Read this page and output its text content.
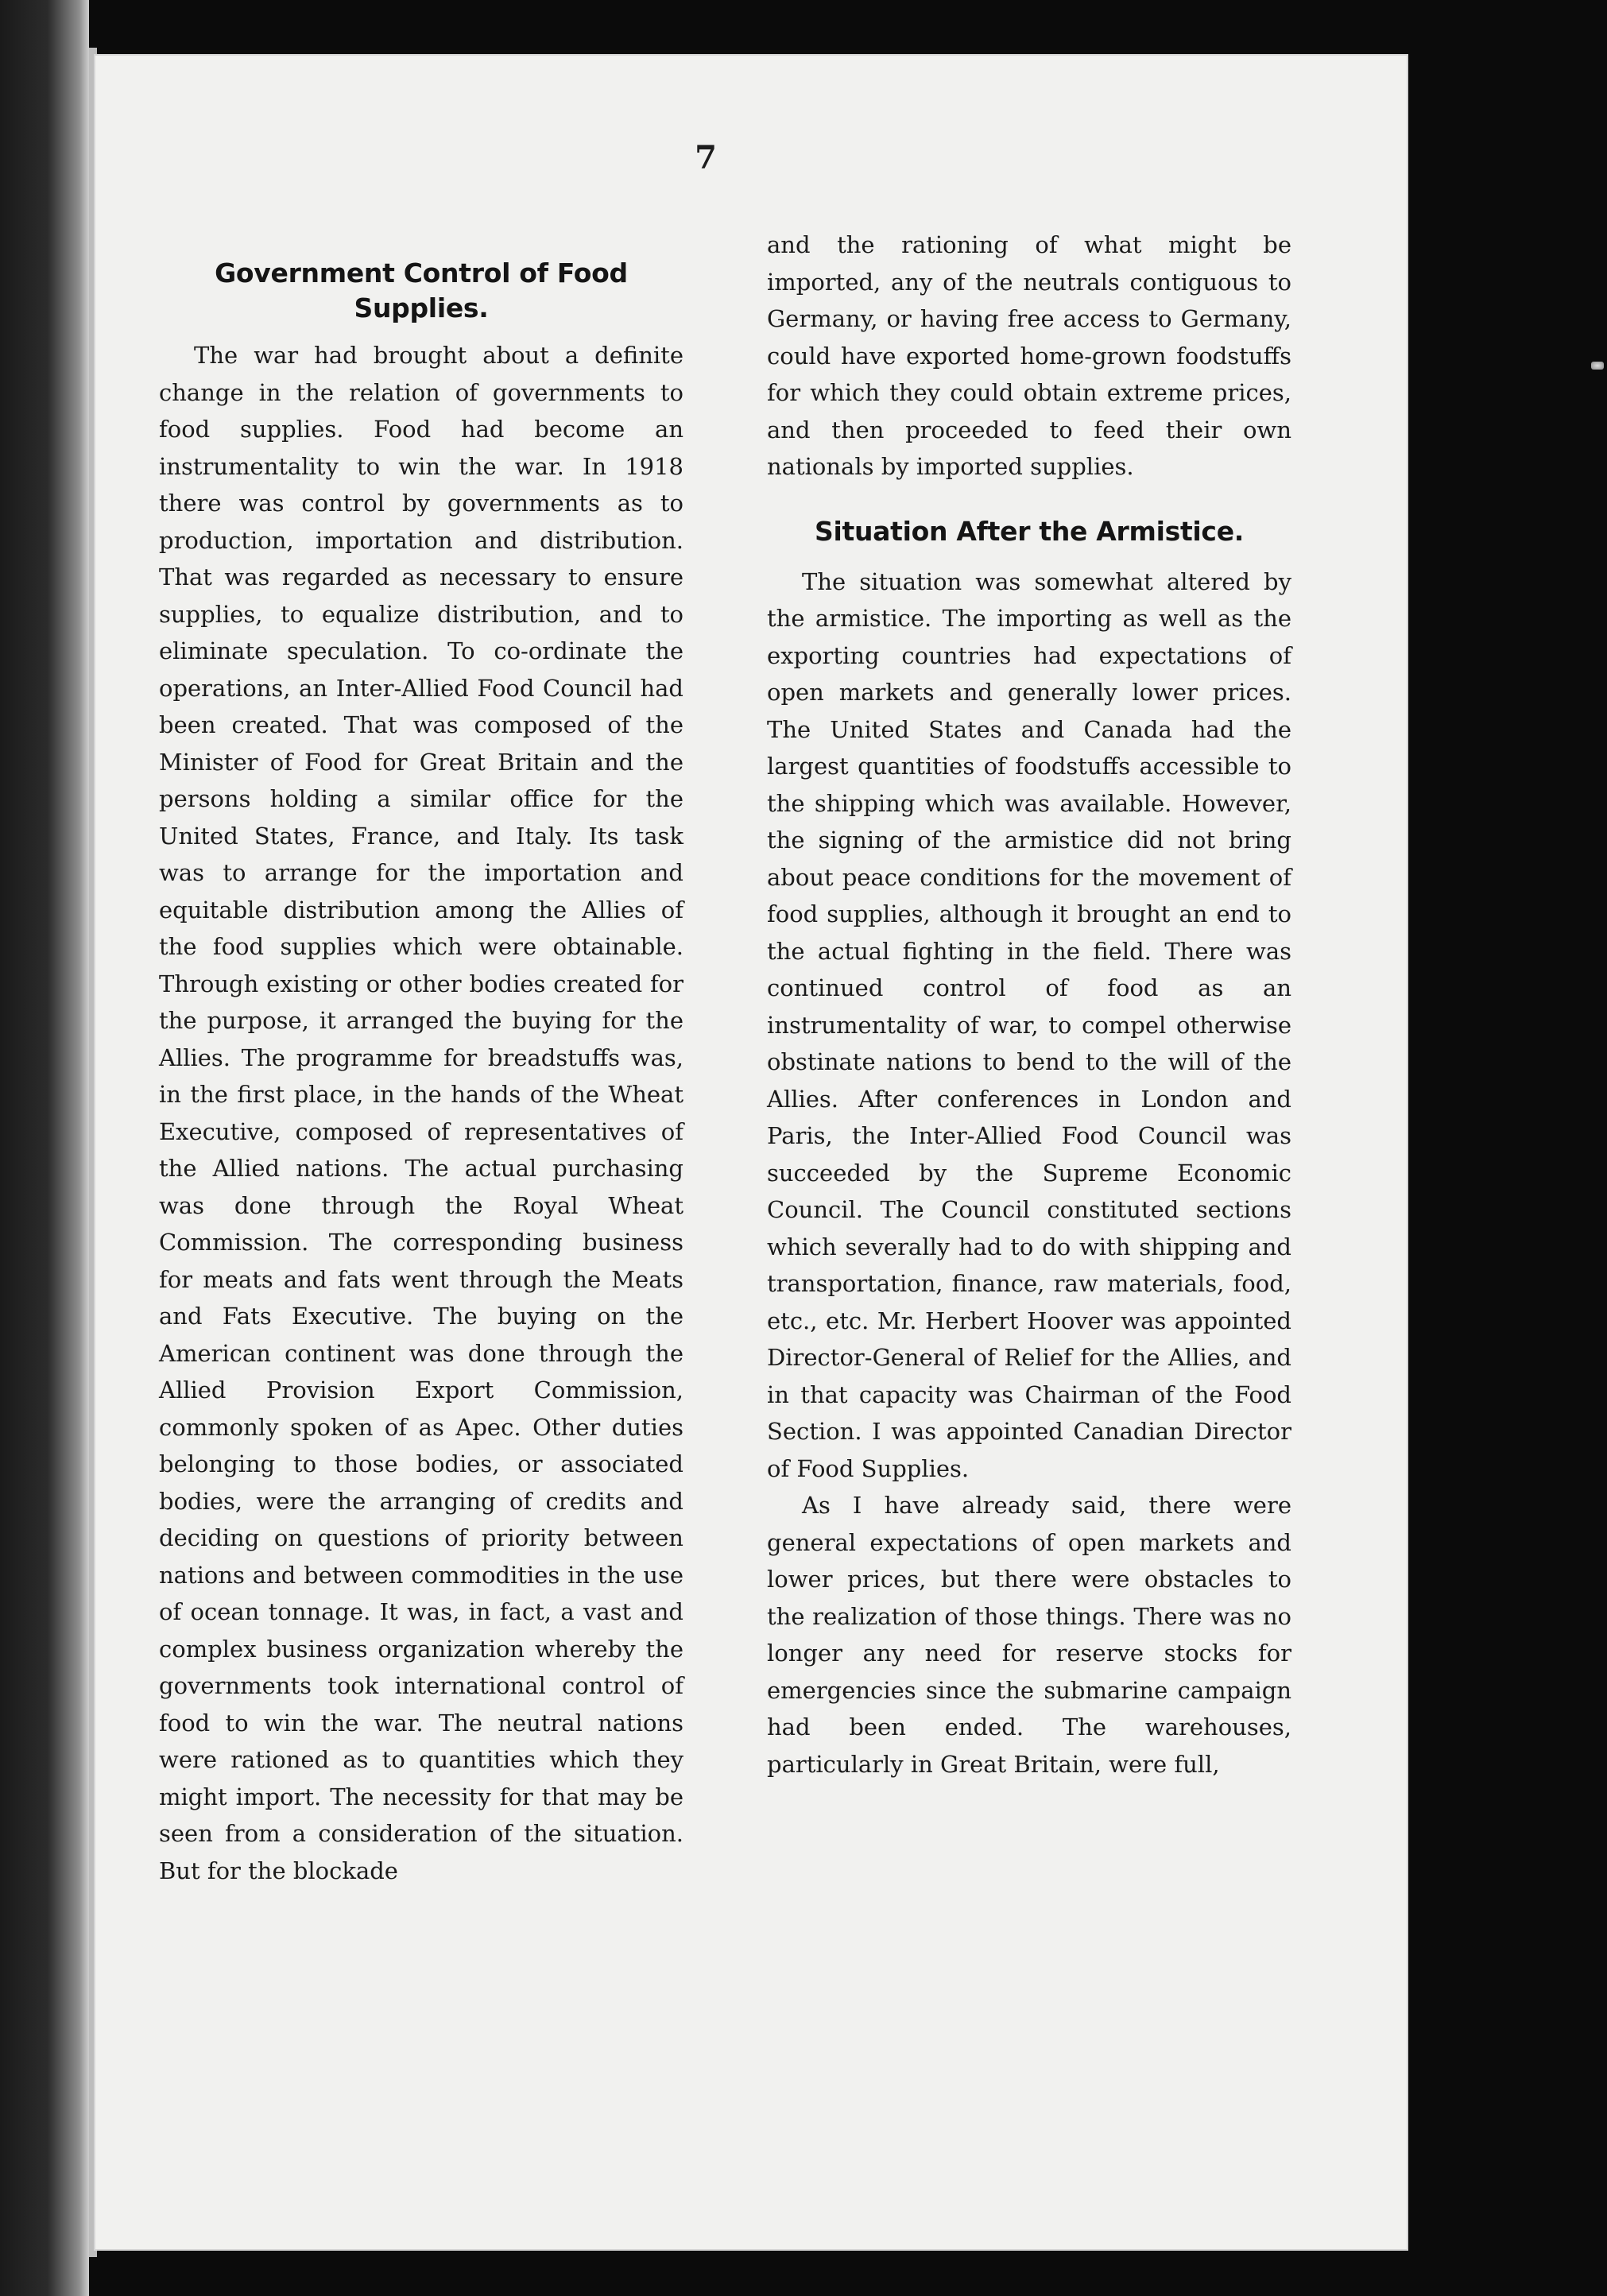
7
Government Control of Food Supplies.

The war had brought about a definite change in the relation of governments to food supplies. Food had become an instrumentality to win the war. In 1918 there was control by governments as to production, importation and distribution. That was regarded as necessary to ensure supplies, to equalize distribution, and to eliminate speculation. To co-ordinate the operations, an Inter-Allied Food Council had been created. That was composed of the Minister of Food for Great Britain and the persons holding a similar office for the United States, France, and Italy. Its task was to arrange for the importation and equitable distribution among the Allies of the food supplies which were obtainable. Through existing or other bodies created for the purpose, it arranged the buying for the Allies. The programme for breadstuffs was, in the first place, in the hands of the Wheat Executive, composed of representatives of the Allied nations. The actual purchasing was done through the Royal Wheat Commission. The corresponding business for meats and fats went through the Meats and Fats Executive. The buying on the American continent was done through the Allied Provision Export Commission, commonly spoken of as Apec. Other duties belonging to those bodies, or associated bodies, were the arranging of credits and deciding on questions of priority between nations and between commodities in the use of ocean tonnage. It was, in fact, a vast and complex business organization whereby the governments took international control of food to win the war. The neutral nations were rationed as to quantities which they might import. The necessity for that may be seen from a consideration of the situation. But for the blockade

and the rationing of what might be imported, any of the neutrals contiguous to Germany, or having free access to Germany, could have exported home-grown foodstuffs for which they could obtain extreme prices, and then proceeded to feed their own nationals by imported supplies.

Situation After the Armistice.

The situation was somewhat altered by the armistice. The importing as well as the exporting countries had expectations of open markets and generally lower prices. The United States and Canada had the largest quantities of foodstuffs accessible to the shipping which was available. However, the signing of the armistice did not bring about peace conditions for the movement of food supplies, although it brought an end to the actual fighting in the field. There was continued control of food as an instrumentality of war, to compel otherwise obstinate nations to bend to the will of the Allies. After conferences in London and Paris, the Inter-Allied Food Council was succeeded by the Supreme Economic Council. The Council constituted sections which severally had to do with shipping and transportation, finance, raw materials, food, etc., etc. Mr. Herbert Hoover was appointed Director-General of Relief for the Allies, and in that capacity was Chairman of the Food Section. I was appointed Canadian Director of Food Supplies.

As I have already said, there were general expectations of open markets and lower prices, but there were obstacles to the realization of those things. There was no longer any need for reserve stocks for emergencies since the submarine campaign had been ended. The warehouses, particularly in Great Britain, were full,
